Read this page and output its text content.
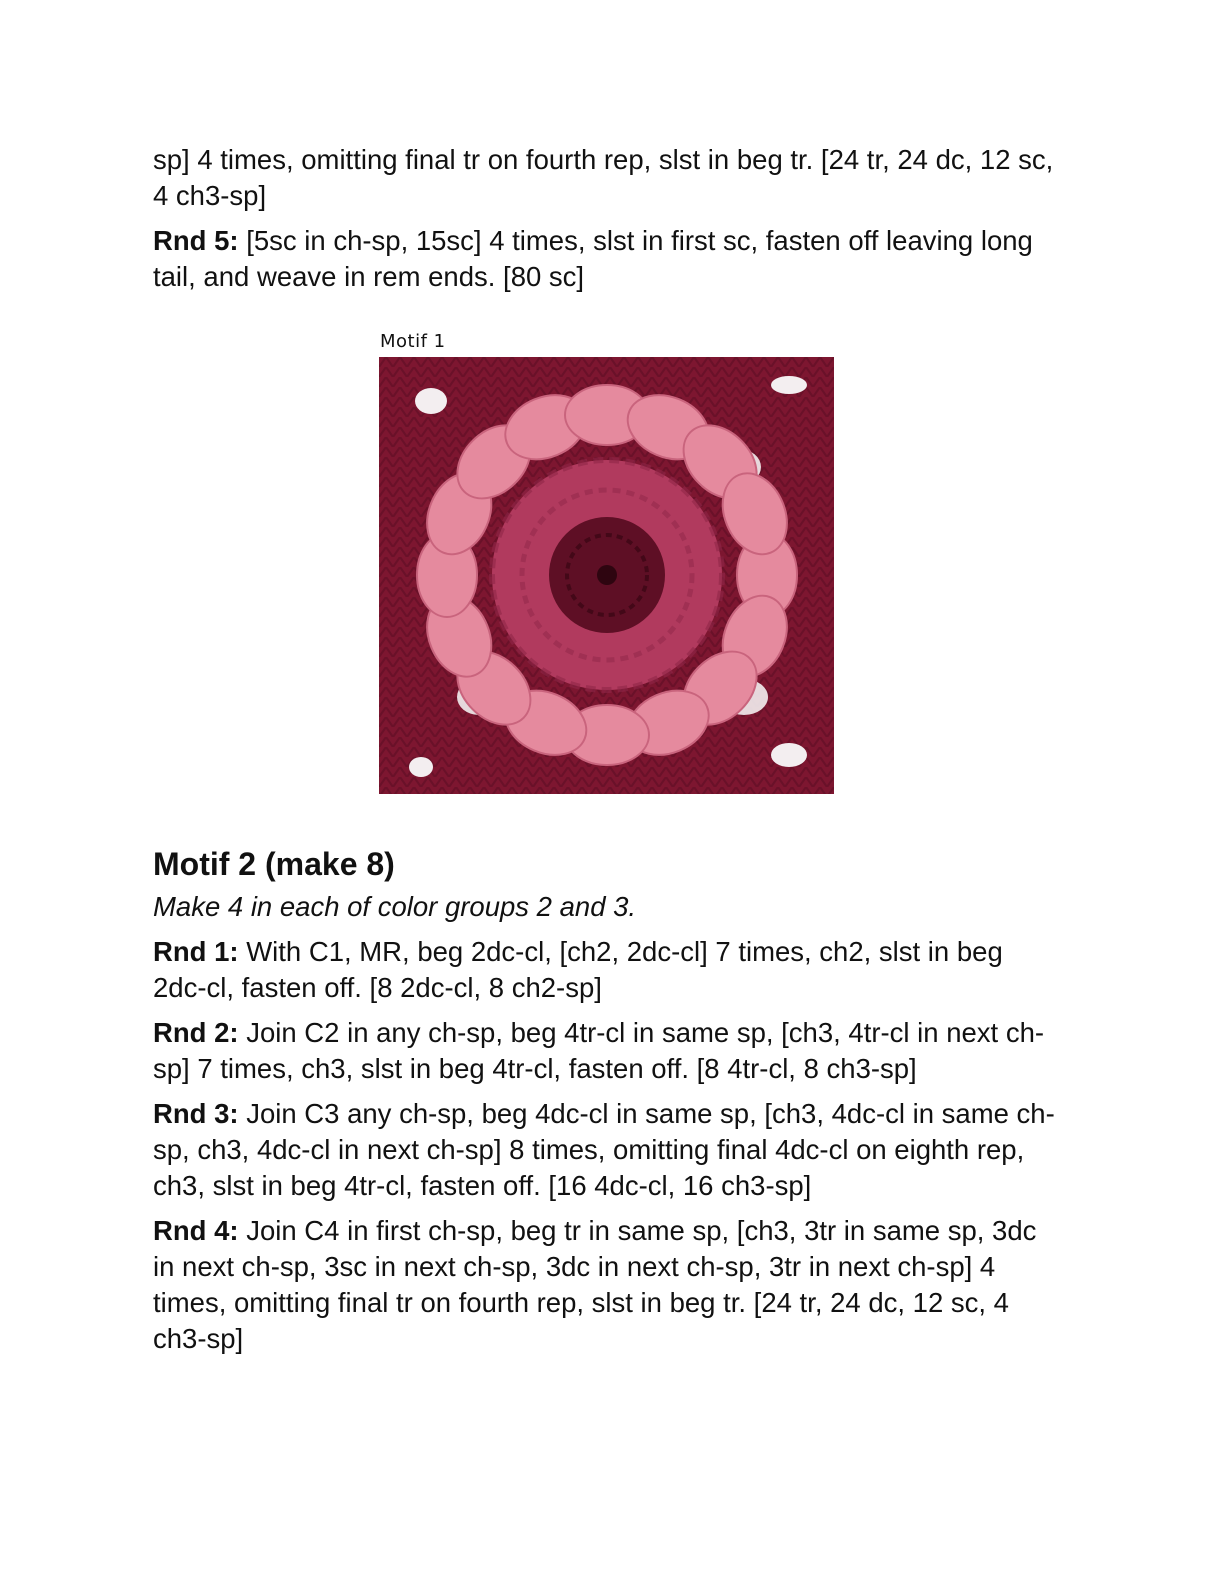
sp] 4 times, omitting final tr on fourth rep, slst in beg tr. [24 tr, 24 dc, 12 sc, 4 ch3-sp]

Rnd 5: [5sc in ch-sp, 15sc] 4 times, slst in first sc, fasten off leaving long tail, and weave in rem ends. [80 sc]

Motif 1
Motif 2 (make 8)

Make 4 in each of color groups 2 and 3.

Rnd 1: With C1, MR, beg 2dc-cl, [ch2, 2dc-cl] 7 times, ch2, slst in beg 2dc-cl, fasten off. [8 2dc-cl, 8 ch2-sp]

Rnd 2: Join C2 in any ch-sp, beg 4tr-cl in same sp, [ch3, 4tr-cl in next ch-sp] 7 times, ch3, slst in beg 4tr-cl, fasten off. [8 4tr-cl, 8 ch3-sp]

Rnd 3: Join C3 any ch-sp, beg 4dc-cl in same sp, [ch3, 4dc-cl in same ch-sp, ch3, 4dc-cl in next ch-sp] 8 times, omitting final 4dc-cl on eighth rep, ch3, slst in beg 4tr-cl, fasten off. [16 4dc-cl, 16 ch3-sp]

Rnd 4: Join C4 in first ch-sp, beg tr in same sp, [ch3, 3tr in same sp, 3dc in next ch-sp, 3sc in next ch-sp, 3dc in next ch-sp, 3tr in next ch-sp] 4 times, omitting final tr on fourth rep, slst in beg tr. [24 tr, 24 dc, 12 sc, 4 ch3-sp]
